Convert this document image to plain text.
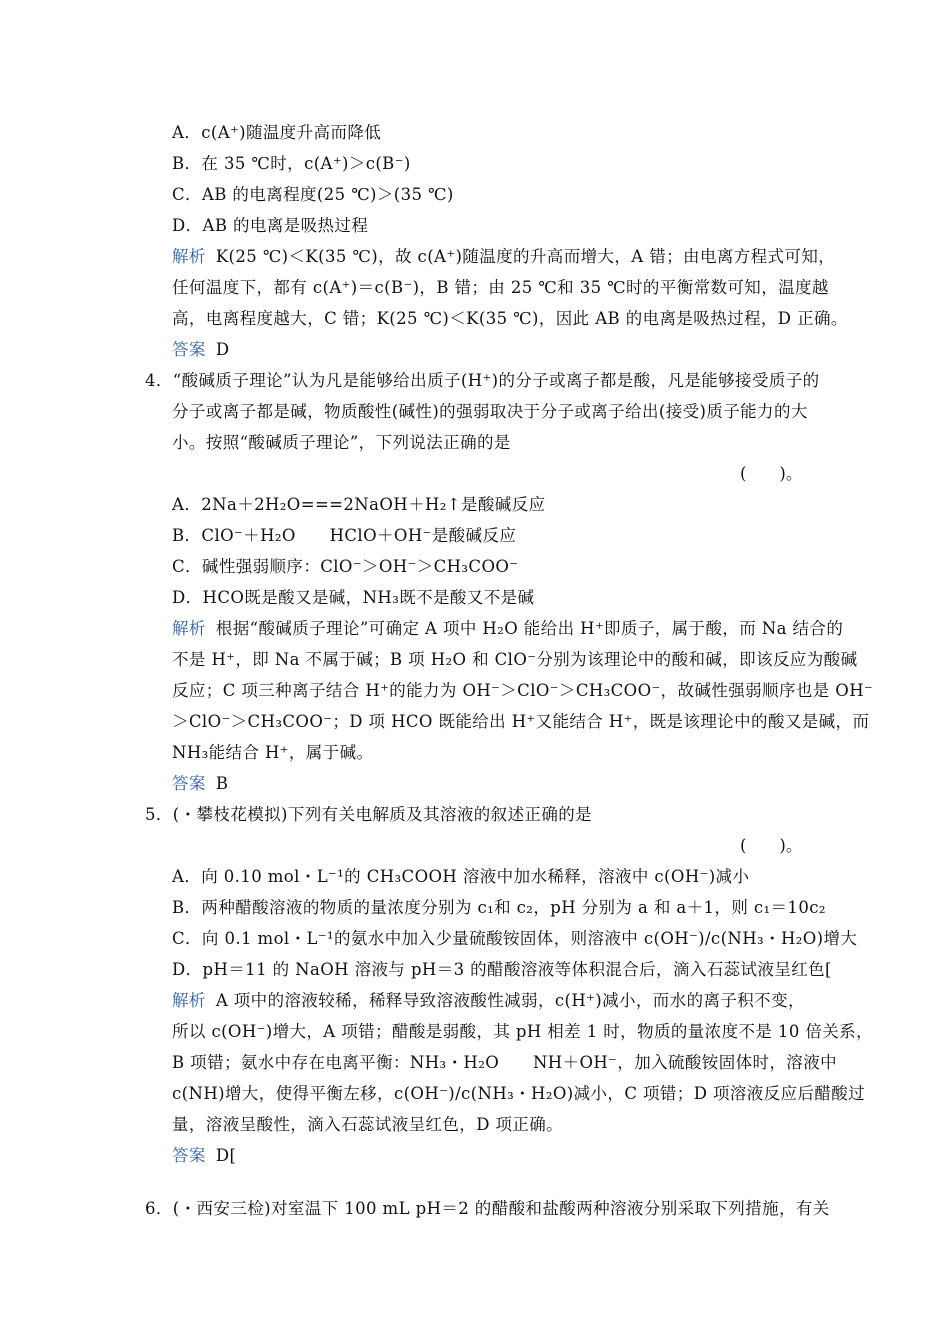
A．c(A⁺)随温度升高而降低
B．在 35 ℃时，c(A⁺)＞c(B⁻)
C．AB 的电离程度(25 ℃)＞(35 ℃)
D．AB 的电离是吸热过程
解析 K(25 ℃)＜K(35 ℃)，故 c(A⁺)随温度的升高而增大，A 错；由电离方程式可知，
任何温度下，都有 c(A⁺)＝c(B⁻)，B 错；由 25 ℃和 35 ℃时的平衡常数可知，温度越
高，电离程度越大，C 错；K(25 ℃)＜K(35 ℃)，因此 AB 的电离是吸热过程，D 正确。
答案 D
4．“酸碱质子理论”认为凡是能够给出质子(H⁺)的分子或离子都是酸，凡是能够接受质子的
分子或离子都是碱，物质酸性(碱性)的强弱取决于分子或离子给出(接受)质子能力的大
小。按照“酸碱质子理论”，下列说法正确的是
(　　)。
A．2Na＋2H₂O===2NaOH＋H₂↑是酸碱反应
B．ClO⁻＋H₂O　　HClO＋OH⁻是酸碱反应
C．碱性强弱顺序：ClO⁻＞OH⁻＞CH₃COO⁻
D．HCO既是酸又是碱，NH₃既不是酸又不是碱
解析 根据“酸碱质子理论”可确定 A 项中 H₂O 能给出 H⁺即质子，属于酸，而 Na 结合的
不是 H⁺，即 Na 不属于碱；B 项 H₂O 和 ClO⁻分别为该理论中的酸和碱，即该反应为酸碱
反应；C 项三种离子结合 H⁺的能力为 OH⁻＞ClO⁻＞CH₃COO⁻，故碱性强弱顺序也是 OH⁻
＞ClO⁻＞CH₃COO⁻；D 项 HCO 既能给出 H⁺又能结合 H⁺，既是该理论中的酸又是碱，而
NH₃能结合 H⁺，属于碱。
答案 B
5．(・攀枝花模拟)下列有关电解质及其溶液的叙述正确的是
(　　)。
A．向 0.10 mol・L⁻¹的 CH₃COOH 溶液中加水稀释，溶液中 c(OH⁻)减小
B．两种醋酸溶液的物质的量浓度分别为 c₁和 c₂，pH 分别为 a 和 a＋1，则 c₁＝10c₂
C．向 0.1 mol・L⁻¹的氨水中加入少量硫酸铵固体，则溶液中 c(OH⁻)/c(NH₃・H₂O)增大
D．pH＝11 的 NaOH 溶液与 pH＝3 的醋酸溶液等体积混合后，滴入石蕊试液呈红色[
解析 A 项中的溶液较稀，稀释导致溶液酸性减弱，c(H⁺)减小，而水的离子积不变，
所以 c(OH⁻)增大，A 项错；醋酸是弱酸，其 pH 相差 1 时，物质的量浓度不是 10 倍关系，
B 项错；氨水中存在电离平衡：NH₃・H₂O　　NH＋OH⁻，加入硫酸铵固体时，溶液中
c(NH)增大，使得平衡左移，c(OH⁻)/c(NH₃・H₂O)减小，C 项错；D 项溶液反应后醋酸过
量，溶液呈酸性，滴入石蕊试液呈红色，D 项正确。
答案 D[
6．(・西安三检)对室温下 100 mL pH＝2 的醋酸和盐酸两种溶液分别采取下列措施，有关
